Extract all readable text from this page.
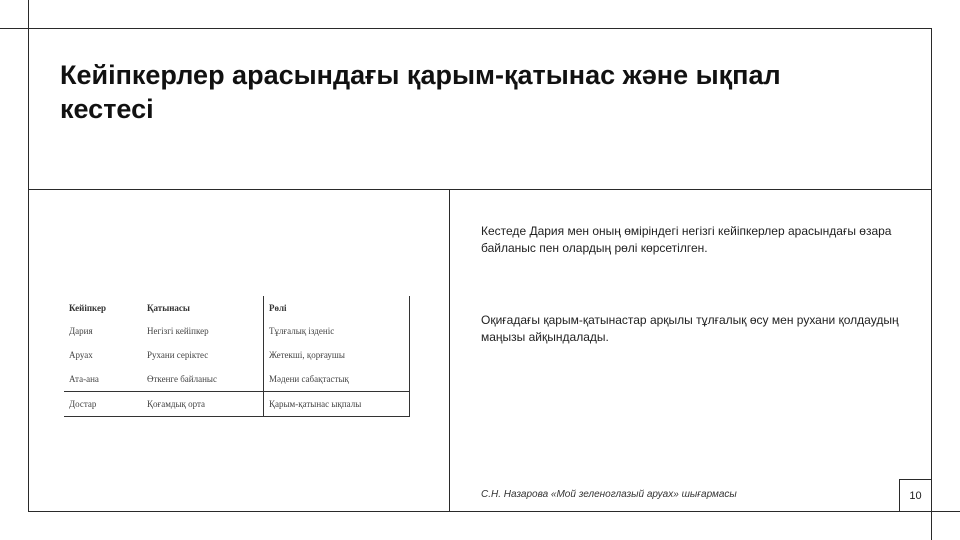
Кейіпкерлер арасындағы қарым-қатынас және ықпал кестесі
Кейіпкер	Қатынасы	Рөлі
Дария	Негізгі кейіпкер	Тұлғалық ізденіс
Аруах	Рухани серіктес	Жетекші, қорғаушы
Ата-ана	Өткенге байланыс	Мәдени сабақтастық
Достар	Қоғамдық орта	Қарым-қатынас ықпалы

Кестеде Дария мен оның өміріндегі негізгі кейіпкерлер арасындағы өзара байланыс пен олардың рөлі көрсетілген.

Оқиғадағы қарым-қатынастар арқылы тұлғалық өсу мен рухани қолдаудың маңызы айқындалады.

С.Н. Назарова «Мой зеленоглазый аруах» шығармасы	10
